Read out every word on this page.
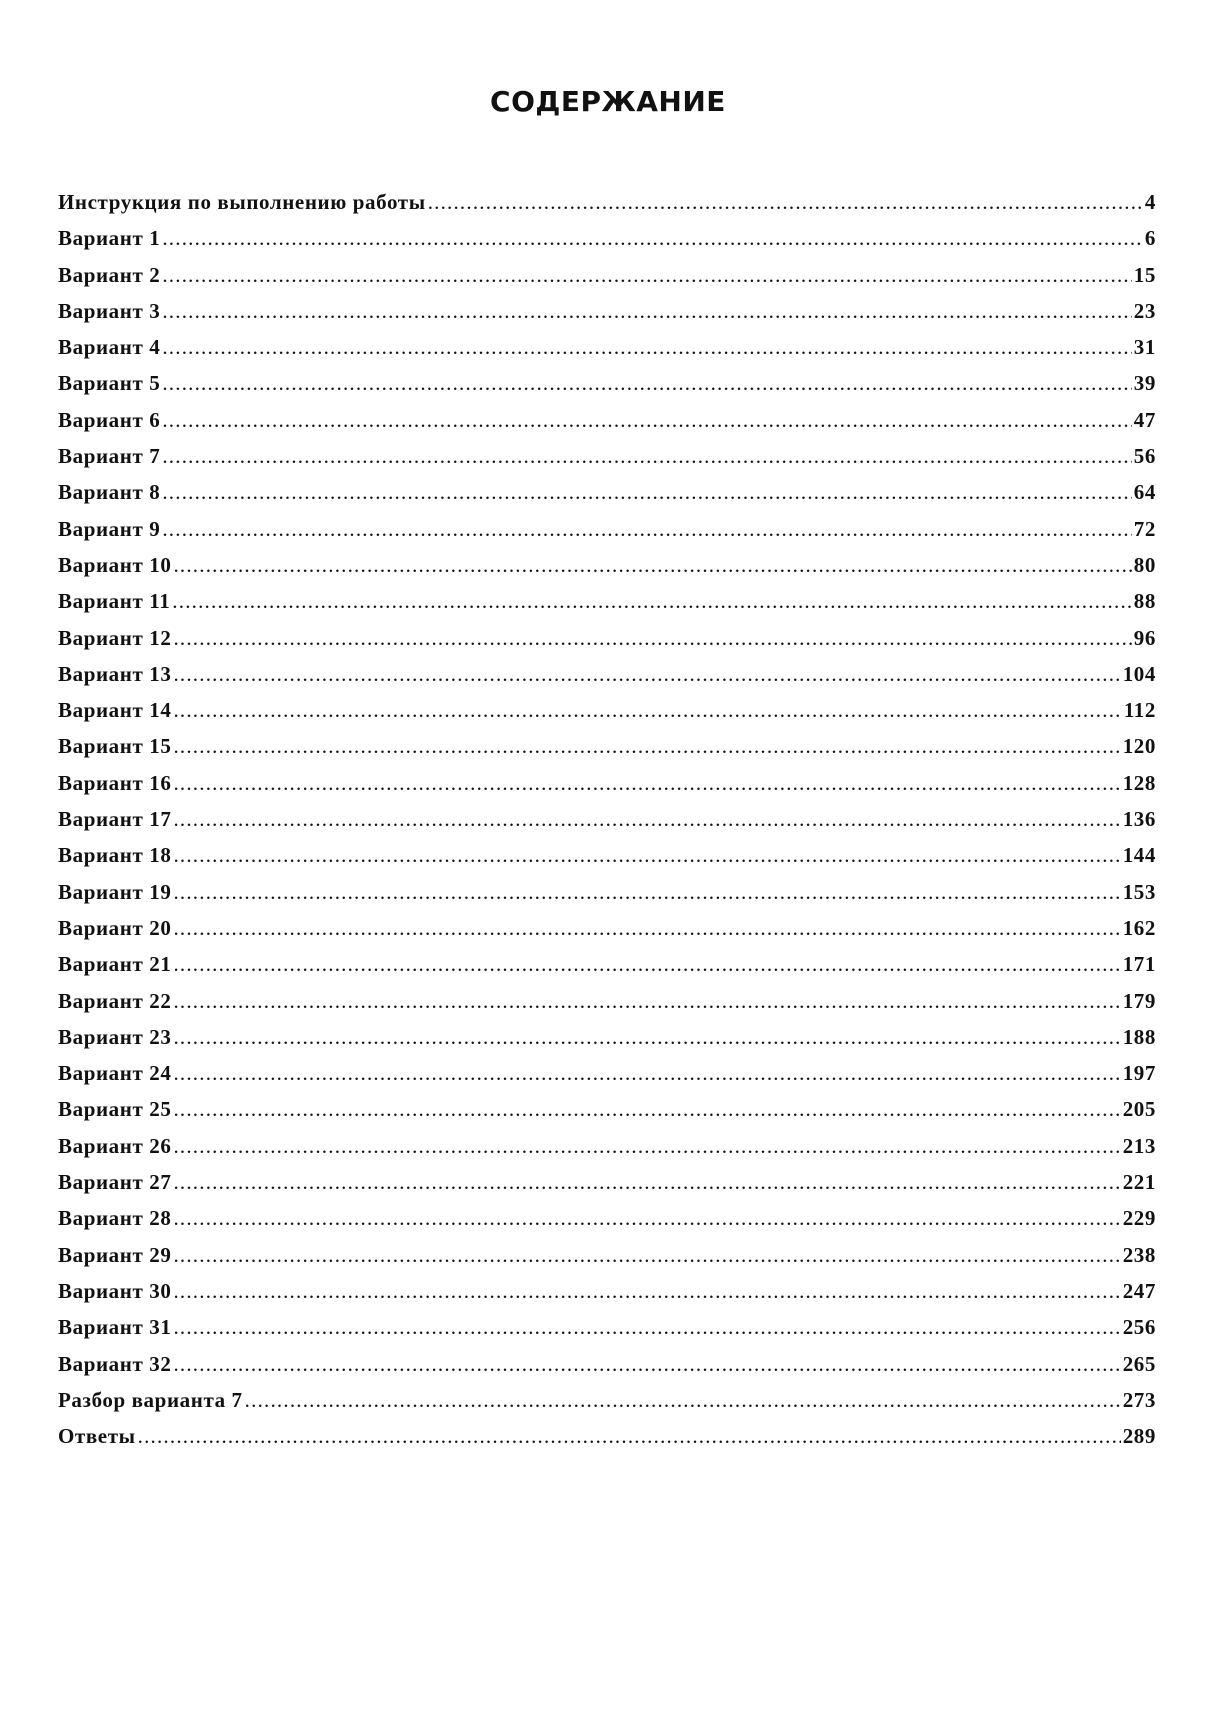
СОДЕРЖАНИЕ
Инструкция по выполнению работы .....	4
Вариант 1 .....	6
Вариант 2 .....	15
Вариант 3 .....	23
Вариант 4 .....	31
Вариант 5 .....	39
Вариант 6 .....	47
Вариант 7 .....	56
Вариант 8 .....	64
Вариант 9 .....	72
Вариант 10 .....	80
Вариант 11 .....	88
Вариант 12 .....	96
Вариант 13 .....	104
Вариант 14 .....	112
Вариант 15 .....	120
Вариант 16 .....	128
Вариант 17 .....	136
Вариант 18 .....	144
Вариант 19 .....	153
Вариант 20 .....	162
Вариант 21 .....	171
Вариант 22 .....	179
Вариант 23 .....	188
Вариант 24 .....	197
Вариант 25 .....	205
Вариант 26 .....	213
Вариант 27 .....	221
Вариант 28 .....	229
Вариант 29 .....	238
Вариант 30 .....	247
Вариант 31 .....	256
Вариант 32 .....	265
Разбор варианта 7 .....	273
Ответы .....	289
